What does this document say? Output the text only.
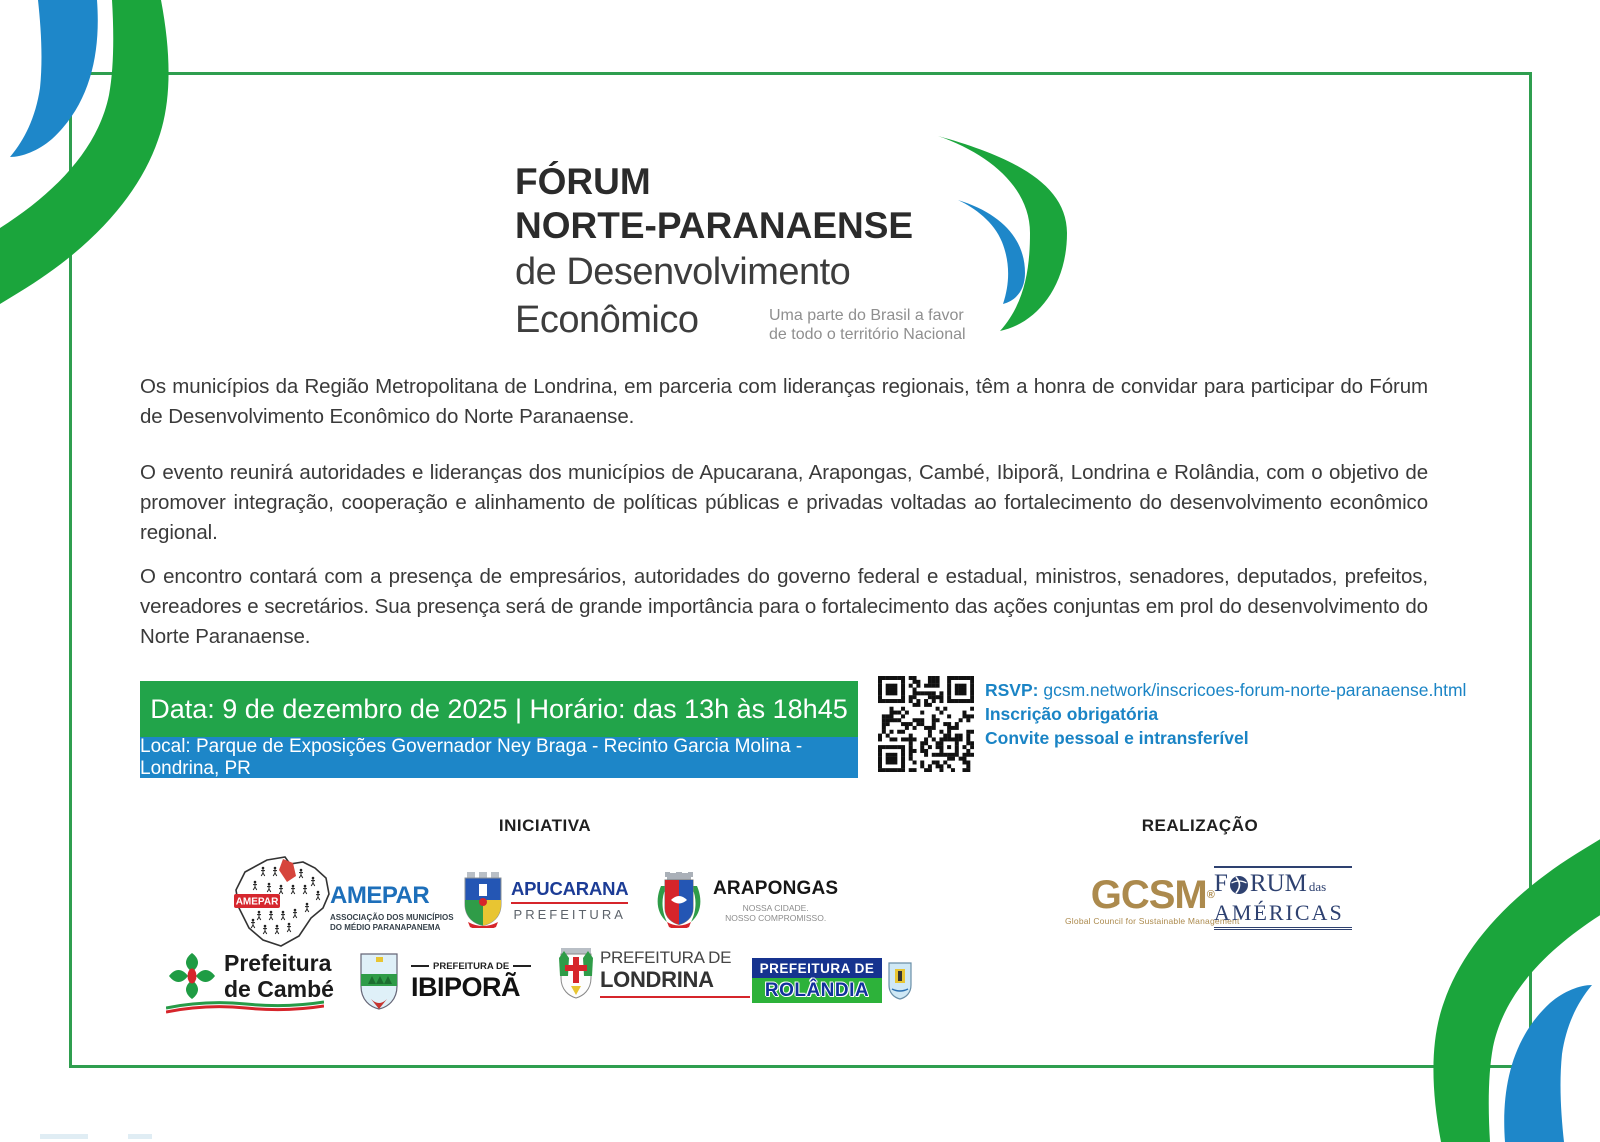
FÓRUM
NORTE-PARANAENSE
de Desenvolvimento
Econômico	Uma parte do Brasil a favor
de todo o território Nacional
Os municípios da Região Metropolitana de Londrina, em parceria com lideranças regionais, têm a honra de convidar para participar do Fórum de Desenvolvimento Econômico do Norte Paranaense.
O evento reunirá autoridades e lideranças dos municípios de Apucarana, Arapongas, Cambé, Ibiporã, Londrina e Rolândia, com o objetivo de promover integração, cooperação e alinhamento de políticas públicas e privadas voltadas ao fortalecimento do desenvolvimento econômico regional.
O encontro contará com a presença de empresários, autoridades do governo federal e estadual, ministros, senadores, deputados, prefeitos, vereadores e secretários. Sua presença será de grande importância para o fortalecimento das ações conjuntas em prol do desenvolvimento do Norte Paranaense.
Data: 9 de dezembro de 2025 | Horário: das 13h às 18h45
Local: Parque de Exposições Governador Ney Braga - Recinto Garcia Molina - Londrina, PR
RSVP: gcsm.network/inscricoes-forum-norte-paranaense.html
Inscrição obrigatória
Convite pessoal e intransferível
INICIATIVA	REALIZAÇÃO
AMEPAR AMEPAR
ASSOCIAÇÃO DOS MUNICÍPIOS
DO MÉDIO PARANAPANEMA
APUCARANA
PREFEITURA
ARAPONGAS
NOSSA CIDADE.
NOSSO COMPROMISSO.
Prefeitura
de Cambé
PREFEITURA DE
IBIPORÃ
PREFEITURA DE
LONDRINA	PREFEITURA DE
ROLÂNDIA
GCSM®
Global Council for Sustainable Management
F RUM das
AMÉRICAS
